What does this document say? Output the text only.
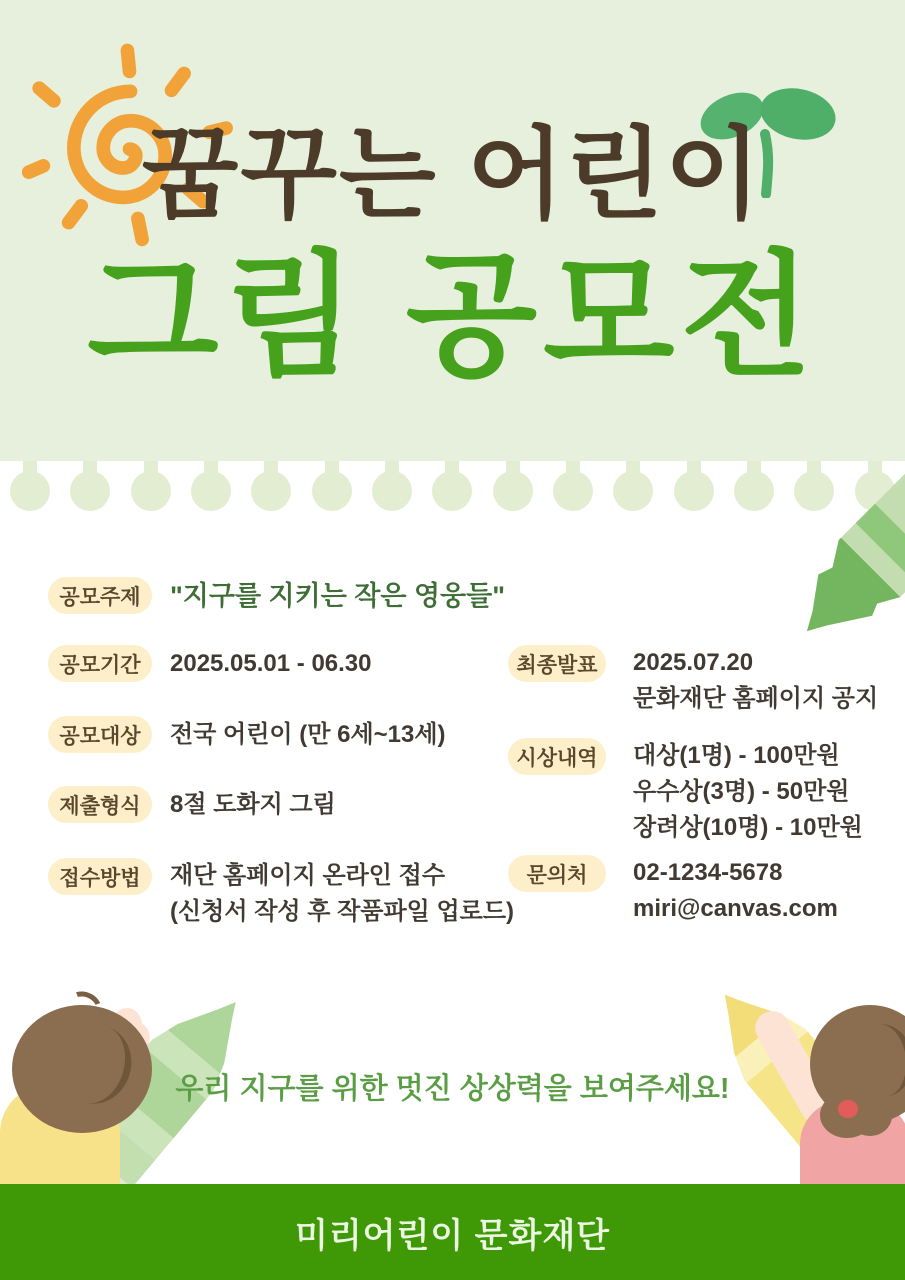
꿈꾸는 어린이
그림 공모전
공모주제	"지구를 지키는 작은 영웅들"
공모기간	2025.05.01 - 06.30
공모대상	전국 어린이 (만 6세~13세)
제출형식	8절 도화지 그림
접수방법	재단 홈페이지 온라인 접수
(신청서 작성 후 작품파일 업로드)
최종발표	2025.07.20
문화재단 홈페이지 공지
시상내역	대상(1명) - 100만원
우수상(3명) - 50만원
장려상(10명) - 10만원
문의처	02-1234-5678
miri@canvas.com
우리 지구를 위한 멋진 상상력을 보여주세요!
미리어린이 문화재단
